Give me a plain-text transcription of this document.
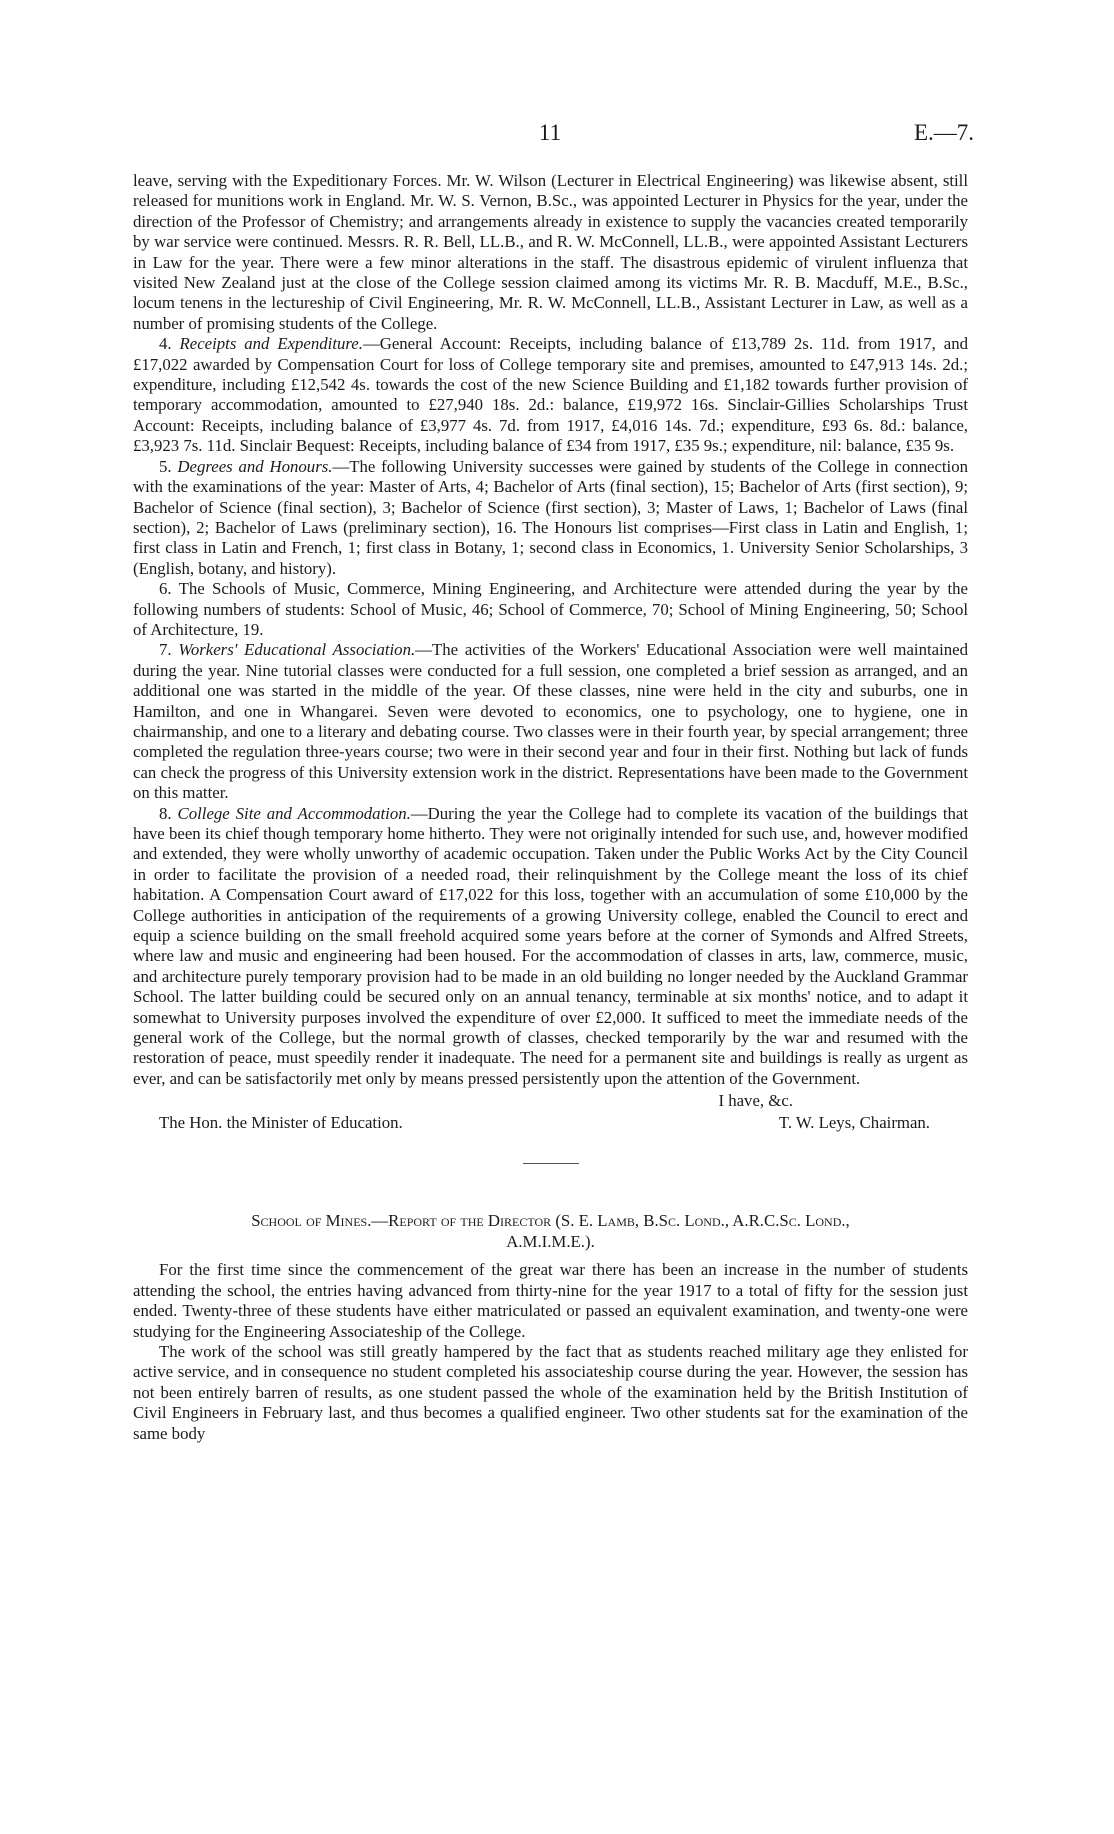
11	E.—7.

leave, serving with the Expeditionary Forces. Mr. W. Wilson (Lecturer in Electrical Engineering) was likewise absent, still released for munitions work in England. Mr. W. S. Vernon, B.Sc., was appointed Lecturer in Physics for the year, under the direction of the Professor of Chemistry; and arrangements already in existence to supply the vacancies created temporarily by war service were continued. Messrs. R. R. Bell, LL.B., and R. W. McConnell, LL.B., were appointed Assistant Lecturers in Law for the year. There were a few minor alterations in the staff. The disastrous epidemic of virulent influenza that visited New Zealand just at the close of the College session claimed among its victims Mr. R. B. Macduff, M.E., B.Sc., locum tenens in the lectureship of Civil Engineering, Mr. R. W. McConnell, LL.B., Assistant Lecturer in Law, as well as a number of promising students of the College.

4. Receipts and Expenditure.—General Account: Receipts, including balance of £13,789 2s. 11d. from 1917, and £17,022 awarded by Compensation Court for loss of College temporary site and premises, amounted to £47,913 14s. 2d.; expenditure, including £12,542 4s. towards the cost of the new Science Building and £1,182 towards further provision of temporary accommodation, amounted to £27,940 18s. 2d.: balance, £19,972 16s. Sinclair-Gillies Scholarships Trust Account: Receipts, including balance of £3,977 4s. 7d. from 1917, £4,016 14s. 7d.; expenditure, £93 6s. 8d.: balance, £3,923 7s. 11d. Sinclair Bequest: Receipts, including balance of £34 from 1917, £35 9s.; expenditure, nil: balance, £35 9s.

5. Degrees and Honours.—The following University successes were gained by students of the College in connection with the examinations of the year: Master of Arts, 4; Bachelor of Arts (final section), 15; Bachelor of Arts (first section), 9; Bachelor of Science (final section), 3; Bachelor of Science (first section), 3; Master of Laws, 1; Bachelor of Laws (final section), 2; Bachelor of Laws (preliminary section), 16. The Honours list comprises—First class in Latin and English, 1; first class in Latin and French, 1; first class in Botany, 1; second class in Economics, 1. University Senior Scholarships, 3 (English, botany, and history).

6. The Schools of Music, Commerce, Mining Engineering, and Architecture were attended during the year by the following numbers of students: School of Music, 46; School of Commerce, 70; School of Mining Engineering, 50; School of Architecture, 19.

7. Workers' Educational Association.—The activities of the Workers' Educational Association were well maintained during the year. Nine tutorial classes were conducted for a full session, one completed a brief session as arranged, and an additional one was started in the middle of the year. Of these classes, nine were held in the city and suburbs, one in Hamilton, and one in Whangarei. Seven were devoted to economics, one to psychology, one to hygiene, one in chairmanship, and one to a literary and debating course. Two classes were in their fourth year, by special arrangement; three completed the regulation three-years course; two were in their second year and four in their first. Nothing but lack of funds can check the progress of this University extension work in the district. Representations have been made to the Government on this matter.

8. College Site and Accommodation.—During the year the College had to complete its vacation of the buildings that have been its chief though temporary home hitherto. They were not originally intended for such use, and, however modified and extended, they were wholly unworthy of academic occupation. Taken under the Public Works Act by the City Council in order to facilitate the provision of a needed road, their relinquishment by the College meant the loss of its chief habitation. A Compensation Court award of £17,022 for this loss, together with an accumulation of some £10,000 by the College authorities in anticipation of the requirements of a growing University college, enabled the Council to erect and equip a science building on the small freehold acquired some years before at the corner of Symonds and Alfred Streets, where law and music and engineering had been housed. For the accommodation of classes in arts, law, commerce, music, and architecture purely temporary provision had to be made in an old building no longer needed by the Auckland Grammar School. The latter building could be secured only on an annual tenancy, terminable at six months' notice, and to adapt it somewhat to University purposes involved the expenditure of over £2,000. It sufficed to meet the immediate needs of the general work of the College, but the normal growth of classes, checked temporarily by the war and resumed with the restoration of peace, must speedily render it inadequate. The need for a permanent site and buildings is really as urgent as ever, and can be satisfactorily met only by means pressed persistently upon the attention of the Government.

I have, &c.
The Hon. the Minister of Education.	T. W. Leys, Chairman.
School of Mines.—Report of the Director (S. E. Lamb, B.Sc. Lond., A.R.C.Sc. Lond.,
A.M.I.M.E.).

For the first time since the commencement of the great war there has been an increase in the number of students attending the school, the entries having advanced from thirty-nine for the year 1917 to a total of fifty for the session just ended. Twenty-three of these students have either matriculated or passed an equivalent examination, and twenty-one were studying for the Engineering Associateship of the College.

The work of the school was still greatly hampered by the fact that as students reached military age they enlisted for active service, and in consequence no student completed his associateship course during the year. However, the session has not been entirely barren of results, as one student passed the whole of the examination held by the British Institution of Civil Engineers in February last, and thus becomes a qualified engineer. Two other students sat for the examination of the same body
